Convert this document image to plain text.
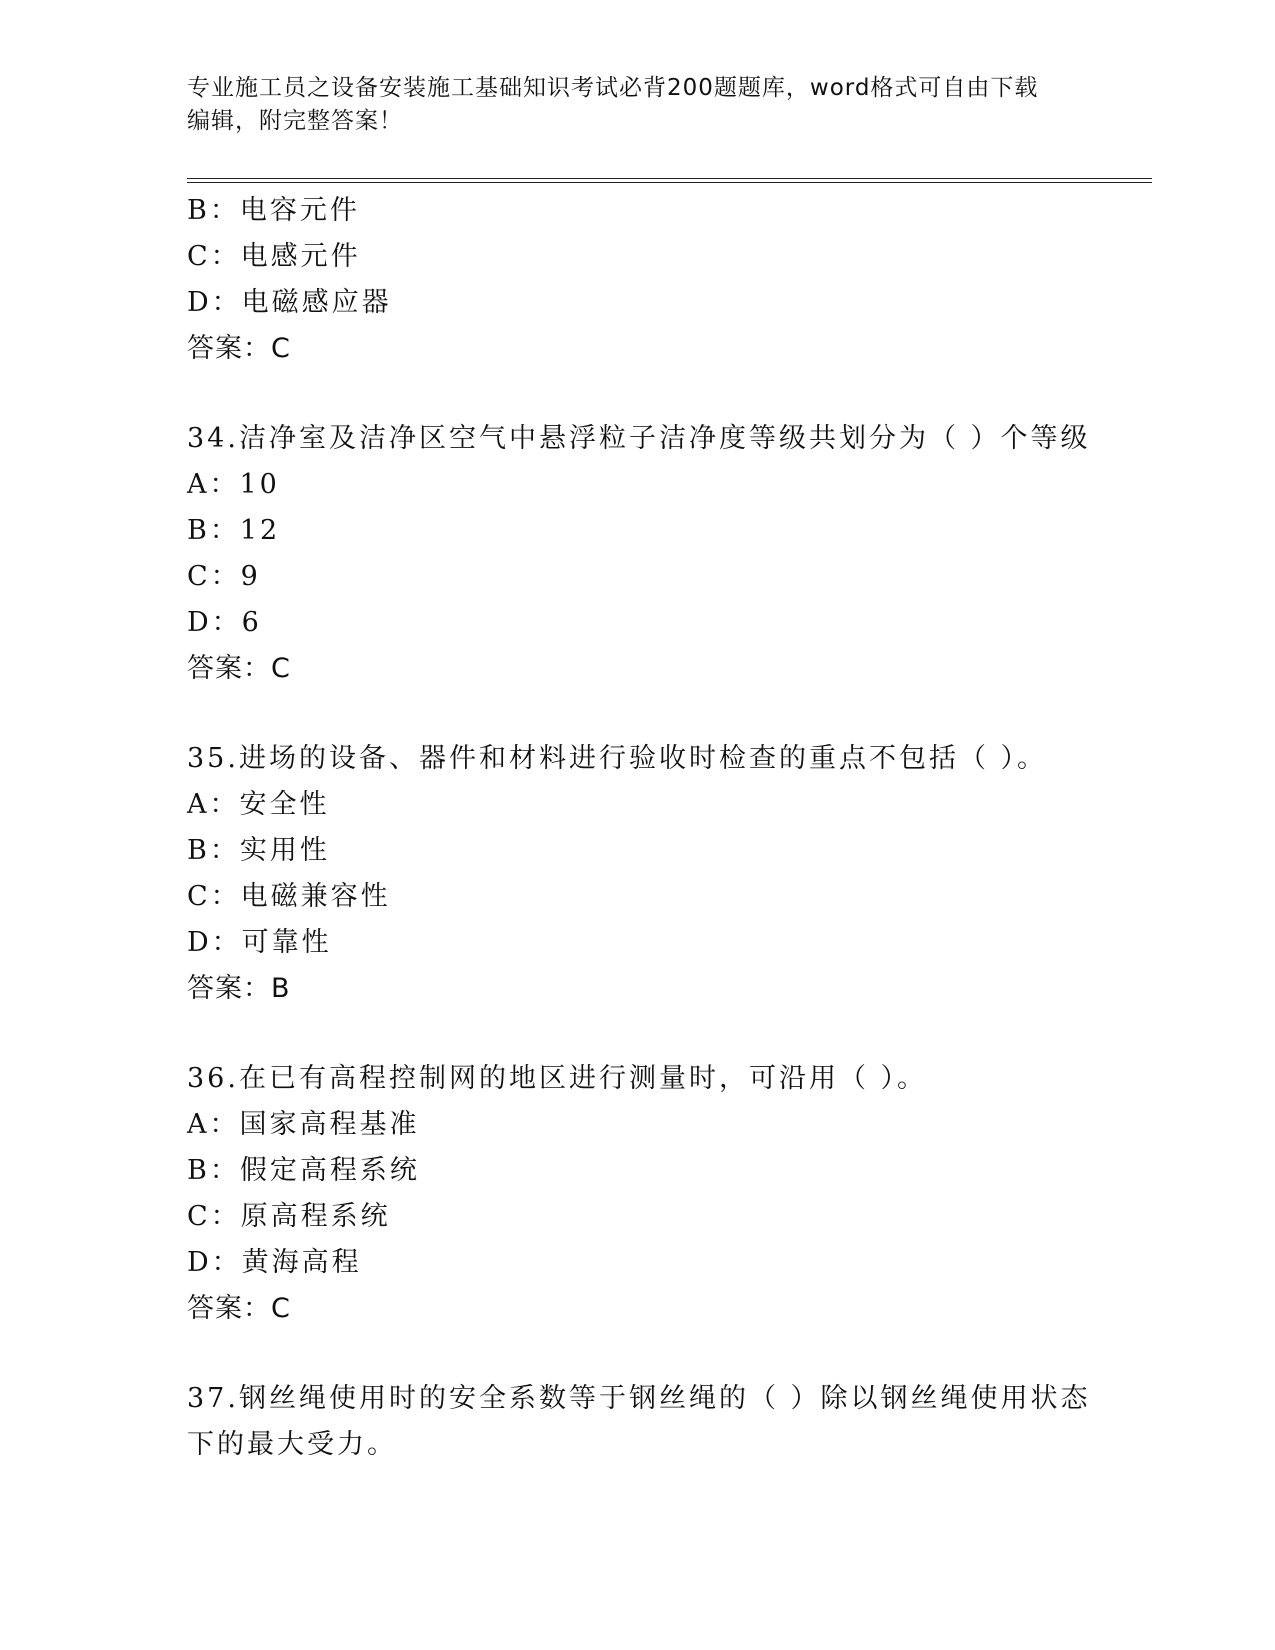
专业施工员之设备安装施工基础知识考试必背200题题库，word格式可自由下载
编辑，附完整答案！
B：电容元件
C：电感元件
D：电磁感应器
答案：C
34.洁净室及洁净区空气中悬浮粒子洁净度等级共划分为（ ）个等级
A：10
B：12
C：9
D：6
答案：C
35.进场的设备、器件和材料进行验收时检查的重点不包括（ ）。
A：安全性
B：实用性
C：电磁兼容性
D：可靠性
答案：B
36.在已有高程控制网的地区进行测量时，可沿用（ ）。
A：国家高程基准
B：假定高程系统
C：原高程系统
D：黄海高程
答案：C
37.钢丝绳使用时的安全系数等于钢丝绳的（ ）除以钢丝绳使用状态
下的最大受力。
